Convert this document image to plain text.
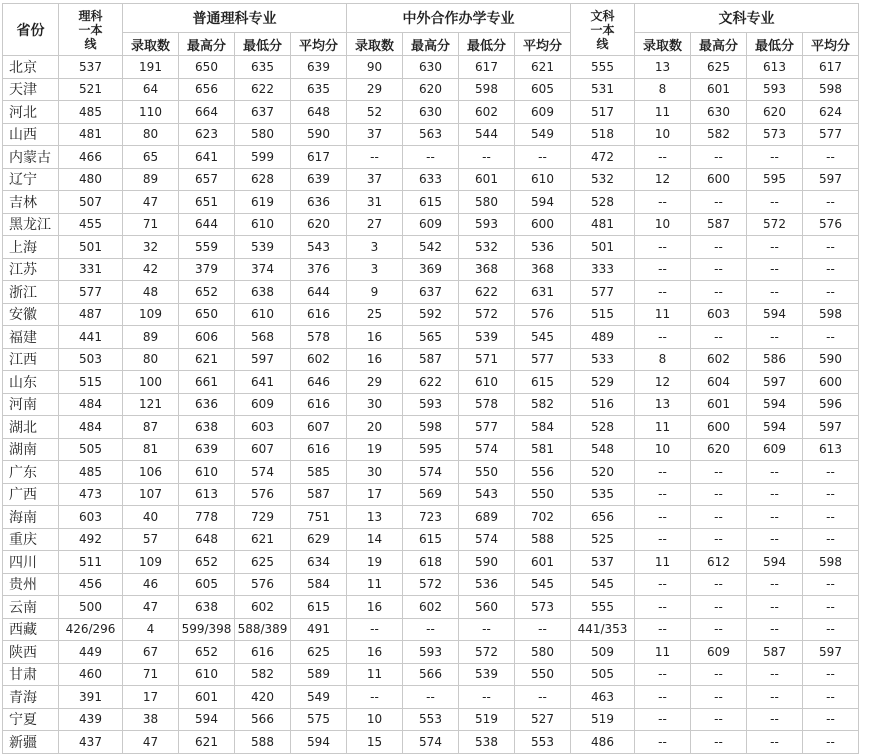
省份	理科一本线	普通理科专业				中外合作办学专业				文科一本线	文科专业			
		录取数	最高分	最低分	平均分	录取数	最高分	最低分	平均分		录取数	最高分	最低分	平均分
北京	537	191	650	635	639	90	630	617	621	555	13	625	613	617
天津	521	64	656	622	635	29	620	598	605	531	8	601	593	598
河北	485	110	664	637	648	52	630	602	609	517	11	630	620	624
山西	481	80	623	580	590	37	563	544	549	518	10	582	573	577
内蒙古	466	65	641	599	617	--	--	--	--	472	--	--	--	--
辽宁	480	89	657	628	639	37	633	601	610	532	12	600	595	597
吉林	507	47	651	619	636	31	615	580	594	528	--	--	--	--
黑龙江	455	71	644	610	620	27	609	593	600	481	10	587	572	576
上海	501	32	559	539	543	3	542	532	536	501	--	--	--	--
江苏	331	42	379	374	376	3	369	368	368	333	--	--	--	--
浙江	577	48	652	638	644	9	637	622	631	577	--	--	--	--
安徽	487	109	650	610	616	25	592	572	576	515	11	603	594	598
福建	441	89	606	568	578	16	565	539	545	489	--	--	--	--
江西	503	80	621	597	602	16	587	571	577	533	8	602	586	590
山东	515	100	661	641	646	29	622	610	615	529	12	604	597	600
河南	484	121	636	609	616	30	593	578	582	516	13	601	594	596
湖北	484	87	638	603	607	20	598	577	584	528	11	600	594	597
湖南	505	81	639	607	616	19	595	574	581	548	10	620	609	613
广东	485	106	610	574	585	30	574	550	556	520	--	--	--	--
广西	473	107	613	576	587	17	569	543	550	535	--	--	--	--
海南	603	40	778	729	751	13	723	689	702	656	--	--	--	--
重庆	492	57	648	621	629	14	615	574	588	525	--	--	--	--
四川	511	109	652	625	634	19	618	590	601	537	11	612	594	598
贵州	456	46	605	576	584	11	572	536	545	545	--	--	--	--
云南	500	47	638	602	615	16	602	560	573	555	--	--	--	--
西藏	426/296	4	599/398	588/389	491	--	--	--	--	441/353	--	--	--	--
陕西	449	67	652	616	625	16	593	572	580	509	11	609	587	597
甘肃	460	71	610	582	589	11	566	539	550	505	--	--	--	--
青海	391	17	601	420	549	--	--	--	--	463	--	--	--	--
宁夏	439	38	594	566	575	10	553	519	527	519	--	--	--	--
新疆	437	47	621	588	594	15	574	538	553	486	--	--	--	--
